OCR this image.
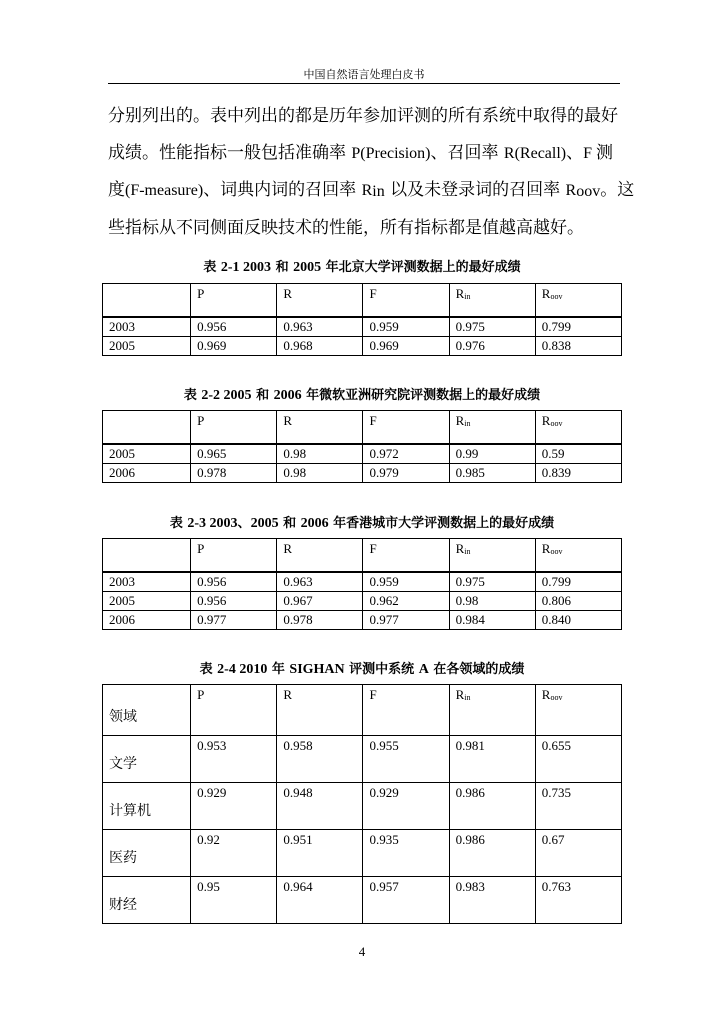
中国自然语言处理白皮书
分别列出的。表中列出的都是历年参加评测的所有系统中取得的最好
成绩。性能指标一般包括准确率 P(Precision)、召回率 R(Recall)、F 测
度(F-measure)、词典内词的召回率 Rin 以及未登录词的召回率 Roov。这
些指标从不同侧面反映技术的性能，所有指标都是值越高越好。
表 2-1 2003 和 2005 年北京大学评测数据上的最好成绩
	P	R	F	Rin	Roov
2003	0.956	0.963	0.959	0.975	0.799
2005	0.969	0.968	0.969	0.976	0.838
表 2-2 2005 和 2006 年微软亚洲研究院评测数据上的最好成绩
	P	R	F	Rin	Roov
2005	0.965	0.98	0.972	0.99	0.59
2006	0.978	0.98	0.979	0.985	0.839
表 2-3 2003、2005 和 2006 年香港城市大学评测数据上的最好成绩
	P	R	F	Rin	Roov
2003	0.956	0.963	0.959	0.975	0.799
2005	0.956	0.967	0.962	0.98	0.806
2006	0.977	0.978	0.977	0.984	0.840
表 2-4 2010 年 SIGHAN 评测中系统 A 在各领域的成绩
领域	P	R	F	Rin	Roov
文学	0.953	0.958	0.955	0.981	0.655
计算机	0.929	0.948	0.929	0.986	0.735
医药	0.92	0.951	0.935	0.986	0.67
财经	0.95	0.964	0.957	0.983	0.763
4
